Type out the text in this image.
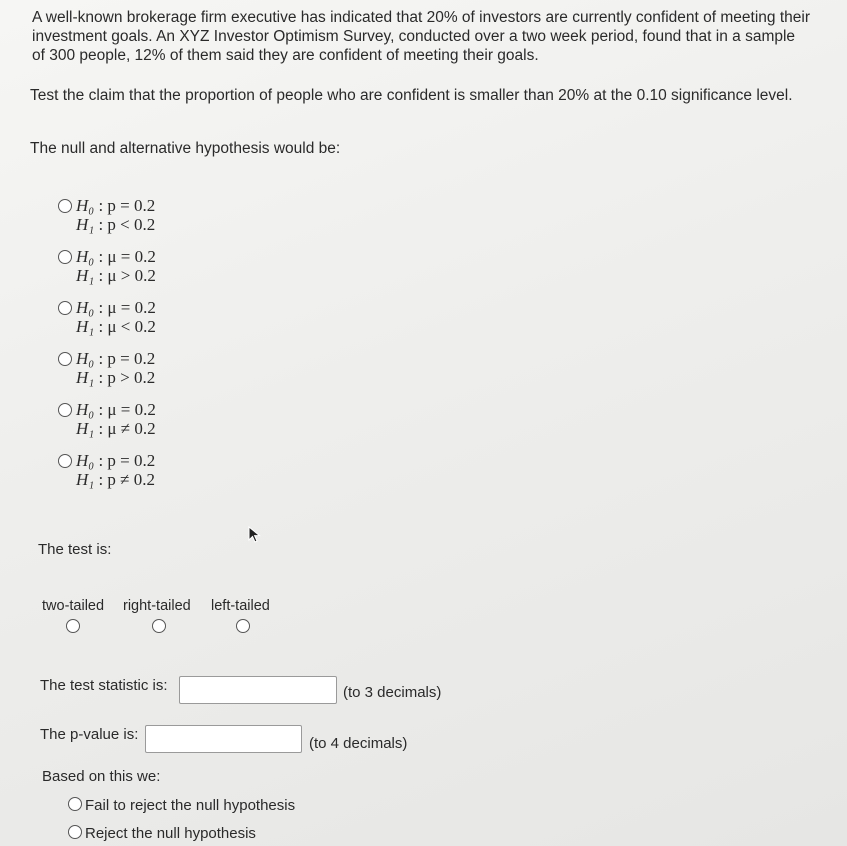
A well-known brokerage firm executive has indicated that 20% of investors are currently confident of meeting their investment goals. An XYZ Investor Optimism Survey, conducted over a two week period, found that in a sample of 300 people, 12% of them said they are confident of meeting their goals.
Test the claim that the proportion of people who are confident is smaller than 20% at the 0.10 significance level.
The null and alternative hypothesis would be:
H₀ : p = 0.2
H₁ : p < 0.2
H₀ : μ = 0.2
H₁ : μ > 0.2
H₀ : μ = 0.2
H₁ : μ < 0.2
H₀ : p = 0.2
H₁ : p > 0.2
H₀ : μ = 0.2
H₁ : μ ≠ 0.2
H₀ : p = 0.2
H₁ : p ≠ 0.2
The test is:
two-tailed right-tailed left-tailed
The test statistic is:	(to 3 decimals)
The p-value is:
(to 4 decimals)
Based on this we:
Fail to reject the null hypothesis
Reject the null hypothesis
